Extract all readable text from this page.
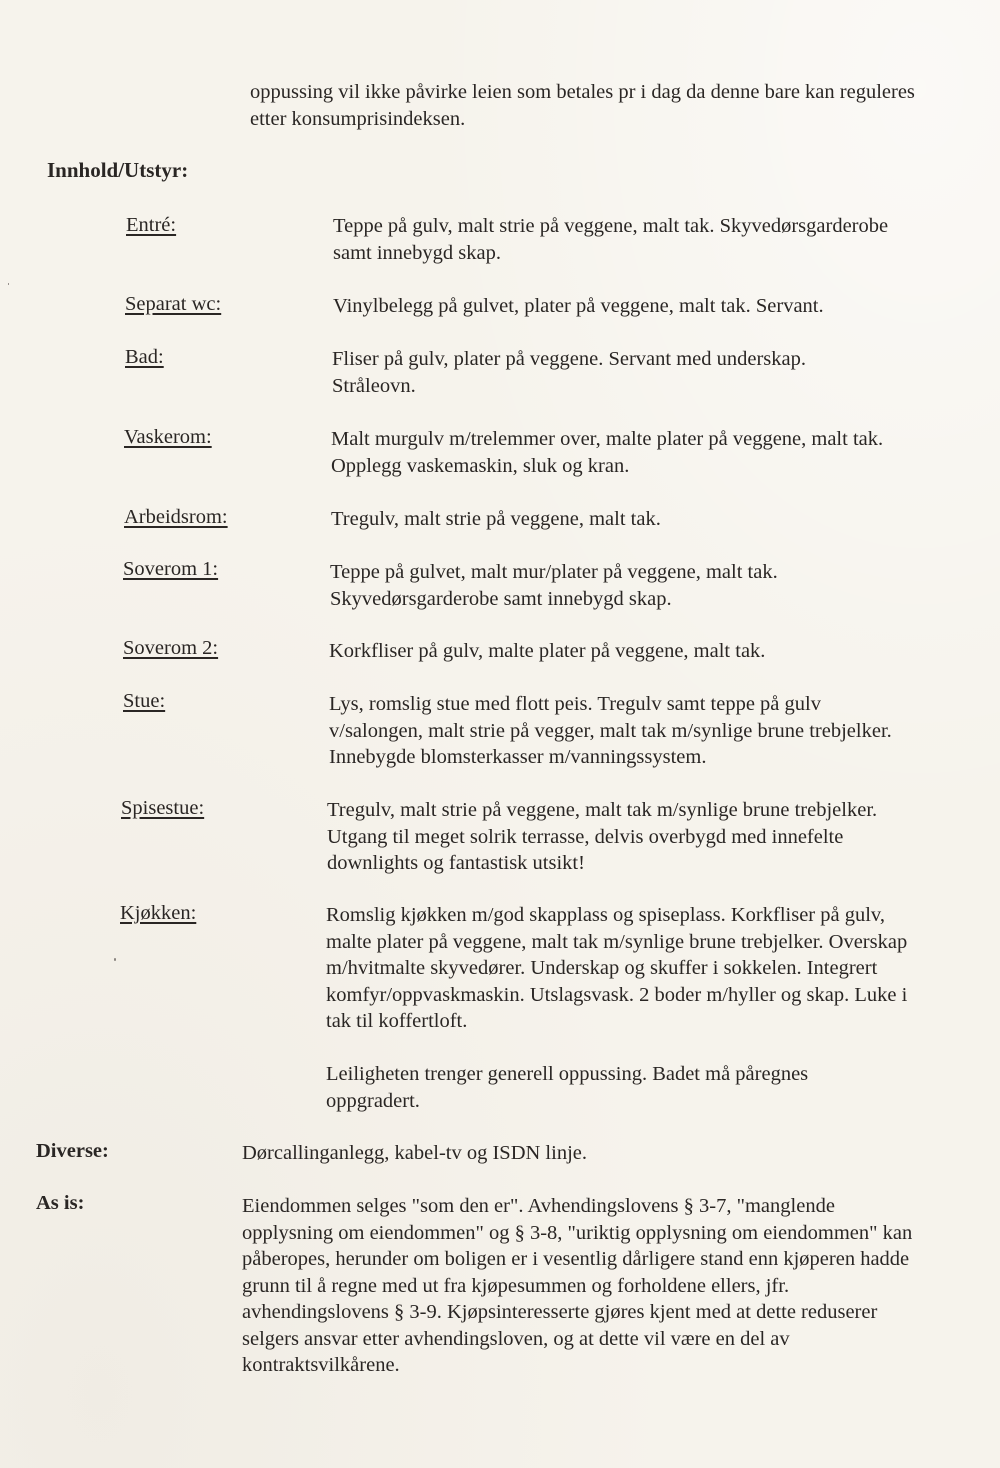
oppussing vil ikke påvirke leien som betales pr i dag da denne bare kan reguleres etter konsumprisindeksen.

Innhold/Utstyr:
Entré:	Teppe på gulv, malt strie på veggene, malt tak. Skyvedørsgarderobe samt innebygd skap.

Separat wc:	Vinylbelegg på gulvet, plater på veggene, malt tak. Servant.

Bad:	Fliser på gulv, plater på veggene. Servant med underskap. Stråleovn.

Vaskerom:	Malt murgulv m/trelemmer over, malte plater på veggene, malt tak. Opplegg vaskemaskin, sluk og kran.

Arbeidsrom:	Tregulv, malt strie på veggene, malt tak.

Soverom 1:	Teppe på gulvet, malt mur/plater på veggene, malt tak. Skyvedørsgarderobe samt innebygd skap.

Soverom 2:	Korkfliser på gulv, malte plater på veggene, malt tak.

Stue:	Lys, romslig stue med flott peis. Tregulv samt teppe på gulv v/salongen, malt strie på vegger, malt tak m/synlige brune trebjelker. Innebygde blomsterkasser m/vanningssystem.

Spisestue:	Tregulv, malt strie på veggene, malt tak m/synlige brune trebjelker. Utgang til meget solrik terrasse, delvis overbygd med innefelte downlights og fantastisk utsikt!

Kjøkken:	Romslig kjøkken m/god skapplass og spiseplass. Korkfliser på gulv, malte plater på veggene, malt tak m/synlige brune trebjelker. Overskap m/hvitmalte skyvedører. Underskap og skuffer i sokkelen. Integrert komfyr/oppvaskmaskin. Utslagsvask. 2 boder m/hyller og skap. Luke i tak til koffertloft.

Leiligheten trenger generell oppussing. Badet må påregnes oppgradert.

Diverse:	Dørcallinganlegg, kabel-tv og ISDN linje.

As is:	Eiendommen selges "som den er". Avhendingslovens § 3-7, "manglende opplysning om eiendommen" og § 3-8, "uriktig opplysning om eiendommen" kan påberopes, herunder om boligen er i vesentlig dårligere stand enn kjøperen hadde grunn til å regne med ut fra kjøpesummen og forholdene ellers, jfr. avhendingslovens § 3-9. Kjøpsinteresserte gjøres kjent med at dette reduserer selgers ansvar etter avhendingsloven, og at dette vil være en del av kontraktsvilkårene.
